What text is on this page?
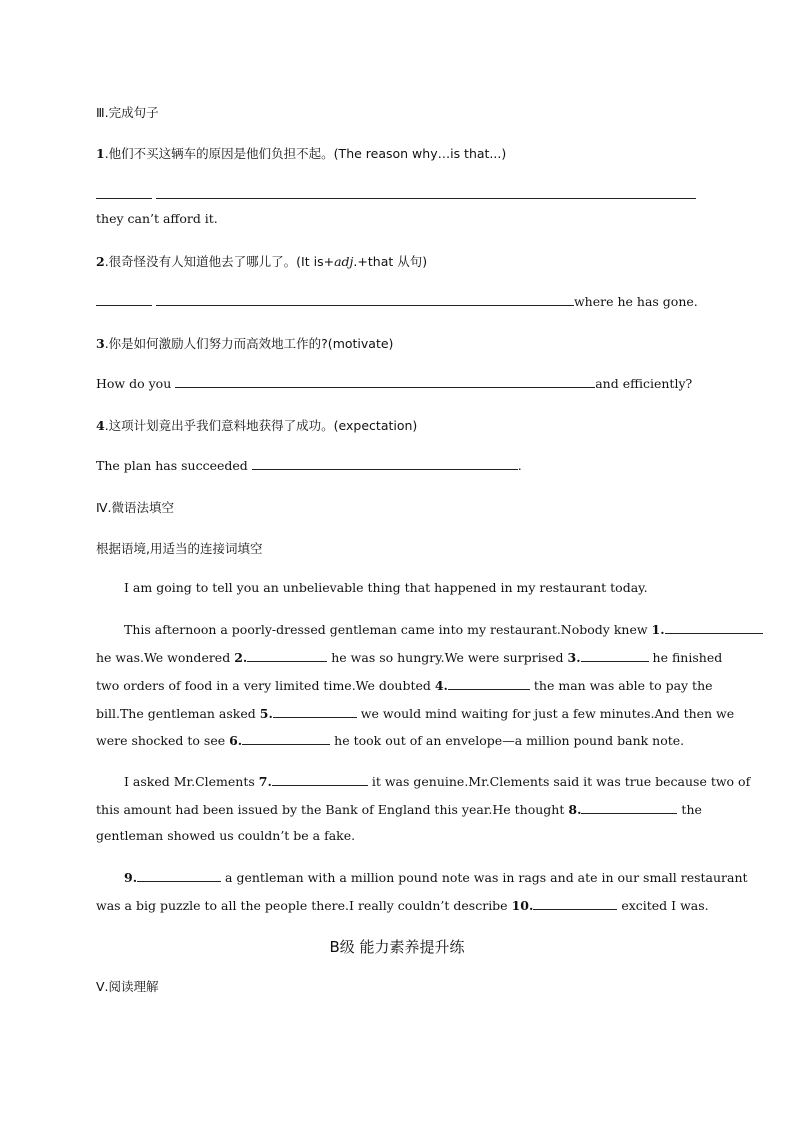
Ⅲ.完成句子
1.他们不买这辆车的原因是他们负担不起。(The reason why…is that...)

they can’t afford it.
2.很奇怪没有人知道他去了哪儿了。(It is+adj.+that 从句)
where he has gone.
3.你是如何激励人们努力而高效地工作的?(motivate)
How do you	and efficiently?
4.这项计划竟出乎我们意料地获得了成功。(expectation)
The plan has succeeded	.
Ⅳ.微语法填空
根据语境,用适当的连接词填空
I am going to tell you an unbelievable thing that happened in my restaurant today.
This afternoon a poorly-dressed gentleman came into my restaurant.Nobody knew 1.
he was.We wondered 2.	he was so hungry.We were surprised 3.	he finished
two orders of food in a very limited time.We doubted 4.	the man was able to pay the
bill.The gentleman asked 5.	we would mind waiting for just a few minutes.And then we
were shocked to see 6.	he took out of an envelope—a million pound bank note.
I asked Mr.Clements 7.	it was genuine.Mr.Clements said it was true because two of
this amount had been issued by the Bank of England this year.He thought 8.	the
gentleman showed us couldn’t be a fake.
9.	a gentleman with a million pound note was in rags and ate in our small restaurant
was a big puzzle to all the people there.I really couldn’t describe 10.	excited I was.
B级 能力素养提升练
Ⅴ.阅读理解
